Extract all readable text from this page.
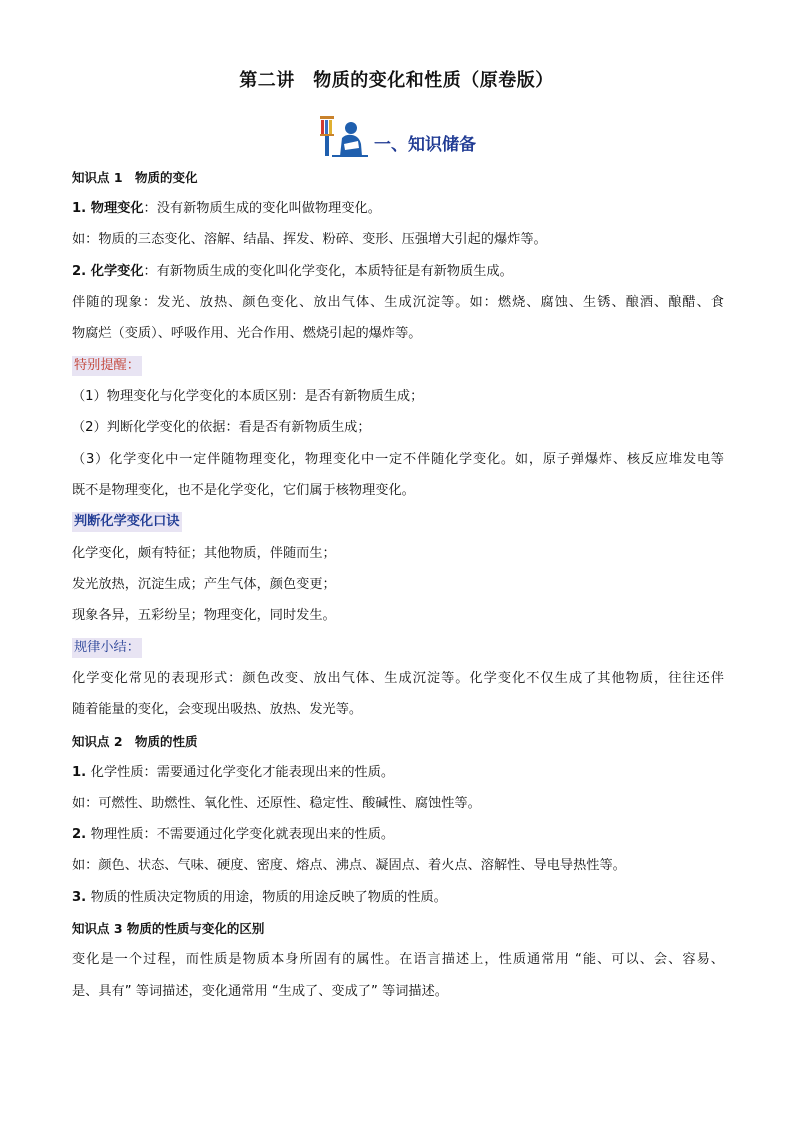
第二讲　物质的变化和性质（原卷版）
一、知识储备
知识点 1　物质的变化
1. 物理变化：没有新物质生成的变化叫做物理变化。
如：物质的三态变化、溶解、结晶、挥发、粉碎、变形、压强增大引起的爆炸等。
2. 化学变化：有新物质生成的变化叫化学变化，本质特征是有新物质生成。
伴随的现象：发光、放热、颜色变化、放出气体、生成沉淀等。如：燃烧、腐蚀、生锈、酿酒、酿醋、食
物腐烂（变质）、呼吸作用、光合作用、燃烧引起的爆炸等。
特别提醒：
（1）物理变化与化学变化的本质区别：是否有新物质生成；
（2）判断化学变化的依据：看是否有新物质生成；
（3）化学变化中一定伴随物理变化，物理变化中一定不伴随化学变化。如，原子弹爆炸、核反应堆发电等
既不是物理变化，也不是化学变化，它们属于核物理变化。
判断化学变化口诀
化学变化，颇有特征；其他物质，伴随而生；
发光放热，沉淀生成；产生气体，颜色变更；
现象各异，五彩纷呈；物理变化，同时发生。
规律小结：
化学变化常见的表现形式：颜色改变、放出气体、生成沉淀等。化学变化不仅生成了其他物质，往往还伴
随着能量的变化，会变现出吸热、放热、发光等。
知识点 2　物质的性质
1. 化学性质：需要通过化学变化才能表现出来的性质。
如：可燃性、助燃性、氧化性、还原性、稳定性、酸碱性、腐蚀性等。
2. 物理性质：不需要通过化学变化就表现出来的性质。
如：颜色、状态、气味、硬度、密度、熔点、沸点、凝固点、着火点、溶解性、导电导热性等。
3. 物质的性质决定物质的用途，物质的用途反映了物质的性质。
知识点 3 物质的性质与变化的区别
变化是一个过程，而性质是物质本身所固有的属性。在语言描述上，性质通常用 “能、可以、会、容易、
是、具有” 等词描述，变化通常用 “生成了、变成了” 等词描述。
